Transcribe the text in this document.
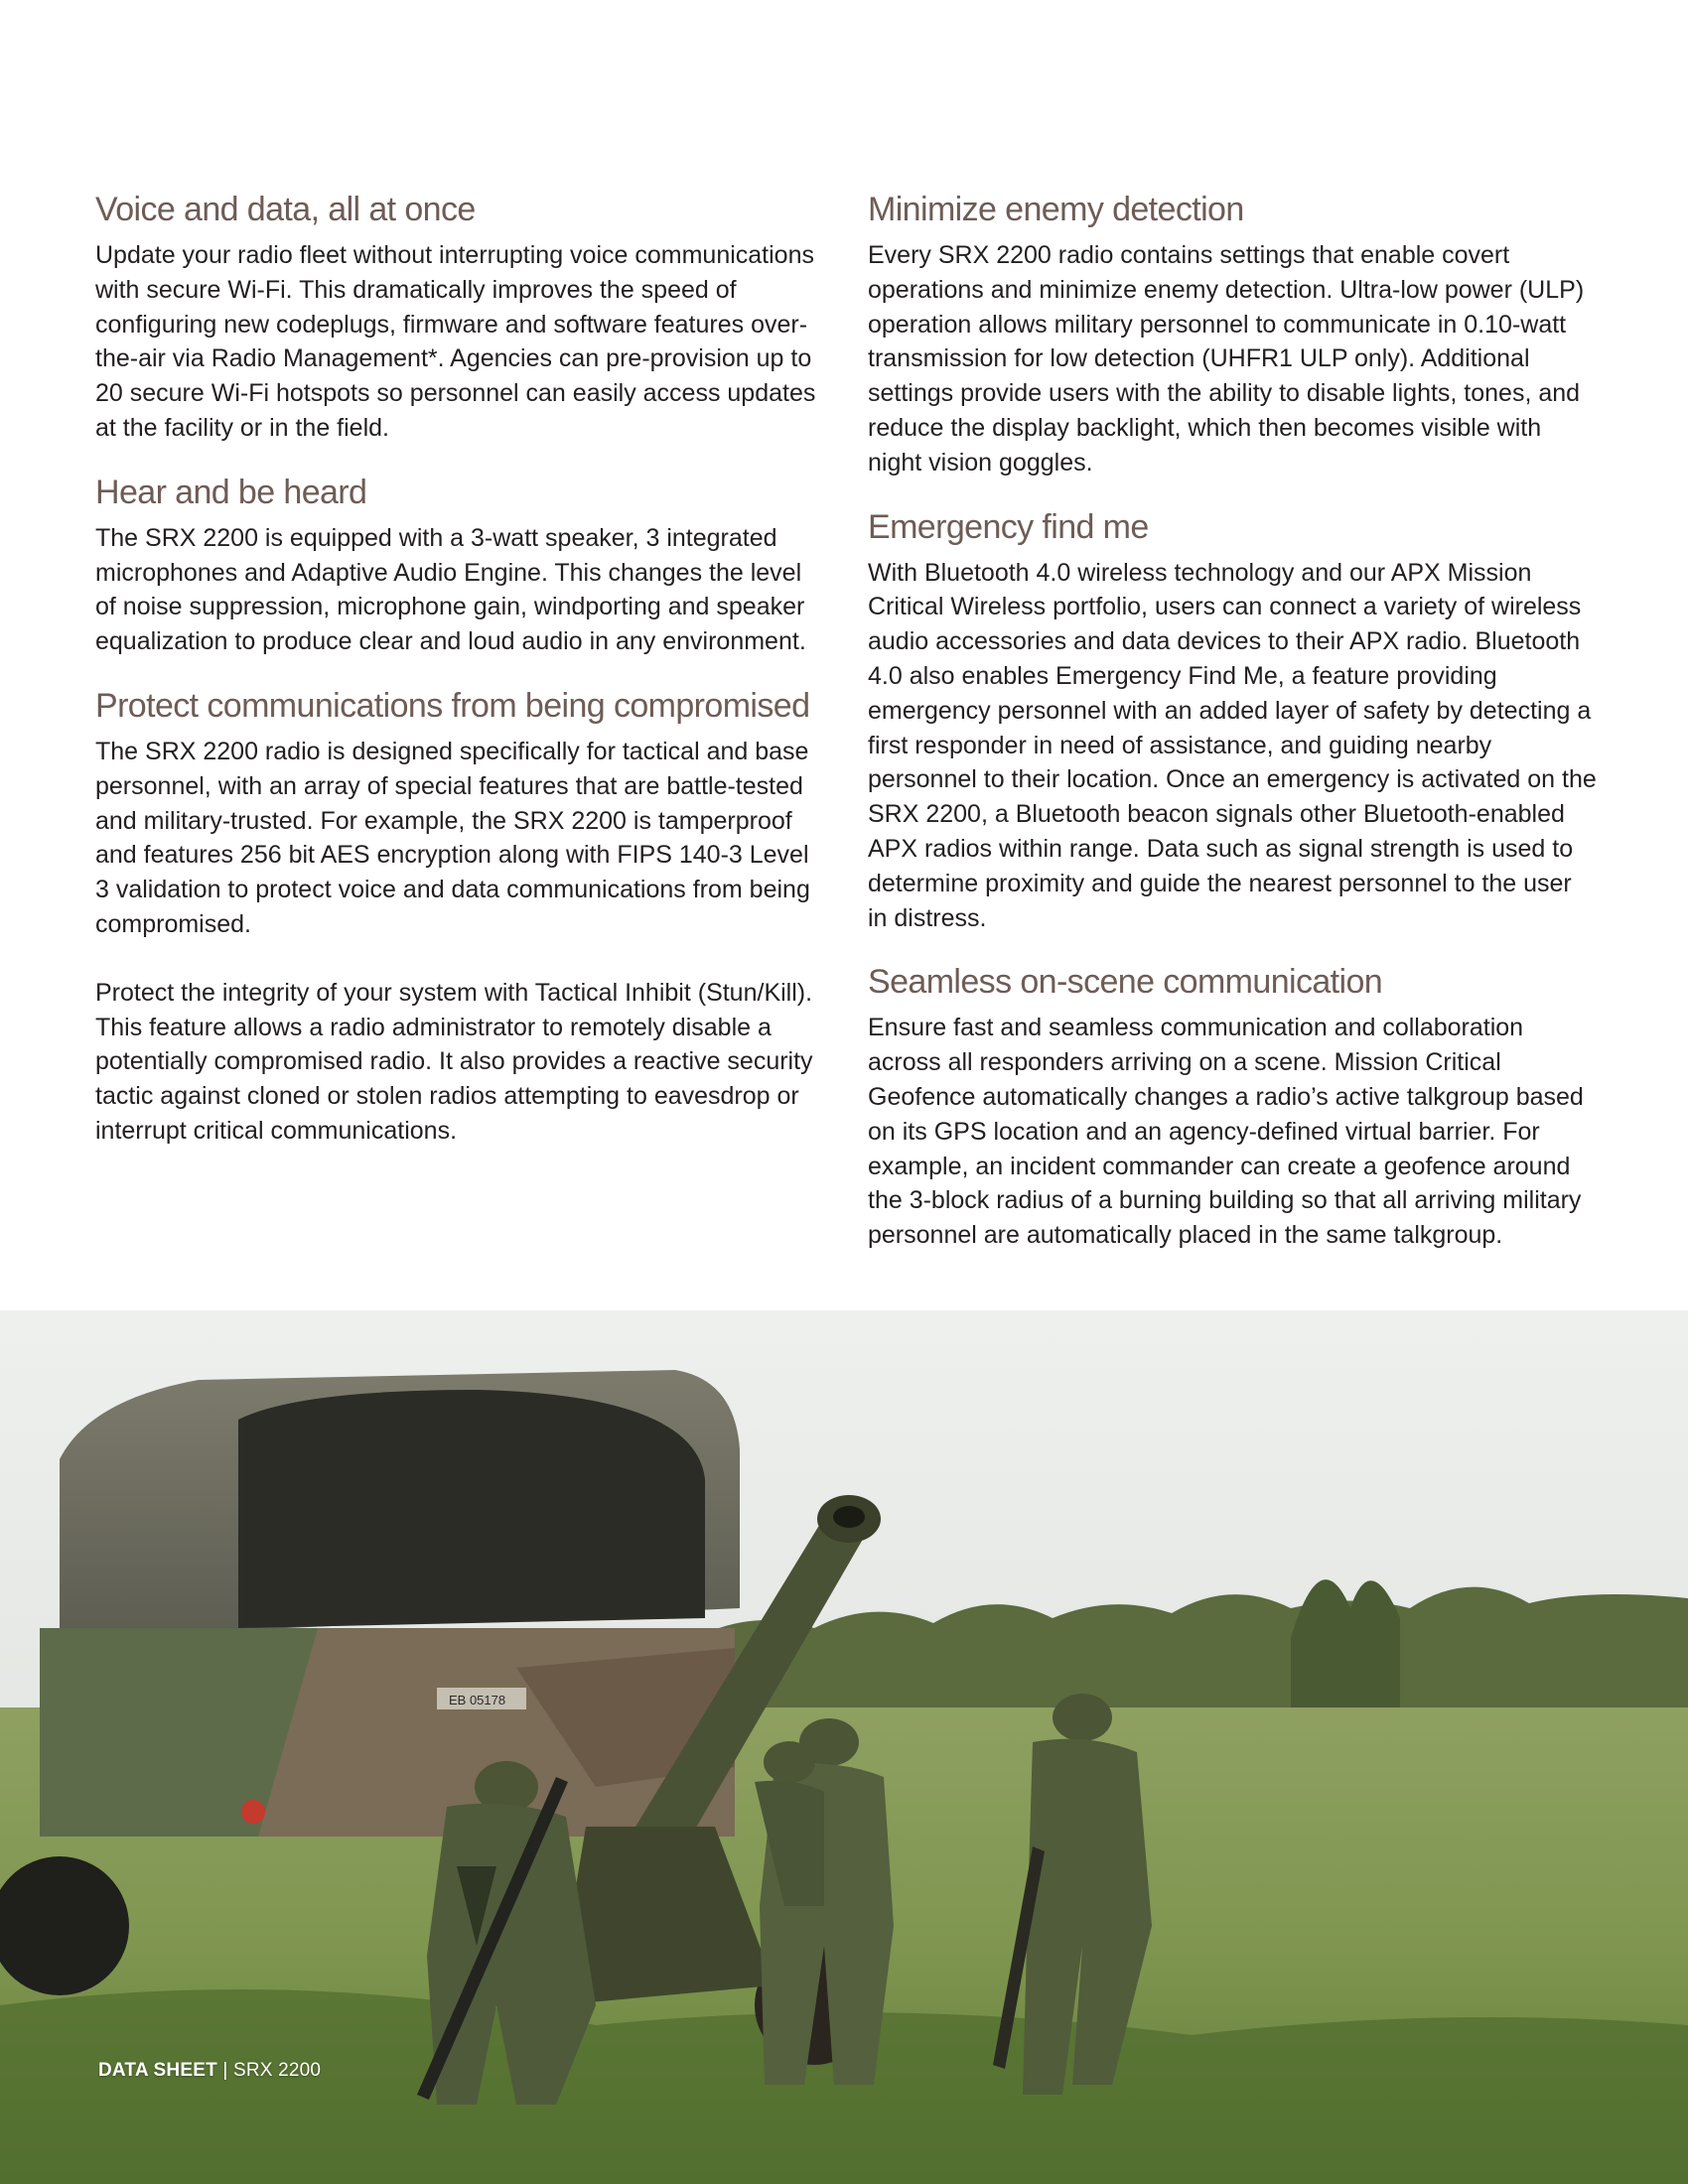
Voice and data, all at once

Update your radio fleet without interrupting voice communications with secure Wi-Fi. This dramatically improves the speed of configuring new codeplugs, firmware and software features over-the-air via Radio Management*. Agencies can pre-provision up to 20 secure Wi-Fi hotspots so personnel can easily access updates at the facility or in the field.

Hear and be heard

The SRX 2200 is equipped with a 3-watt speaker, 3 integrated microphones and Adaptive Audio Engine. This changes the level of noise suppression, microphone gain, windporting and speaker equalization to produce clear and loud audio in any environment.

Protect communications from being compromised

The SRX 2200 radio is designed specifically for tactical and base personnel, with an array of special features that are battle-tested and military-trusted. For example, the SRX 2200 is tamperproof and features 256 bit AES encryption along with FIPS 140-3 Level 3 validation to protect voice and data communications from being compromised.

Protect the integrity of your system with Tactical Inhibit (Stun/Kill). This feature allows a radio administrator to remotely disable a potentially compromised radio. It also provides a reactive security tactic against cloned or stolen radios attempting to eavesdrop or interrupt critical communications.

Minimize enemy detection

Every SRX 2200 radio contains settings that enable covert operations and minimize enemy detection. Ultra-low power (ULP) operation allows military personnel to communicate in 0.10-watt transmission for low detection (UHFR1 ULP only). Additional settings provide users with the ability to disable lights, tones, and reduce the display backlight, which then becomes visible with night vision goggles.

Emergency find me

With Bluetooth 4.0 wireless technology and our APX Mission Critical Wireless portfolio, users can connect a variety of wireless audio accessories and data devices to their APX radio. Bluetooth 4.0 also enables Emergency Find Me, a feature providing emergency personnel with an added layer of safety by detecting a first responder in need of assistance, and guiding nearby personnel to their location. Once an emergency is activated on the SRX 2200, a Bluetooth beacon signals other Bluetooth-enabled APX radios within range. Data such as signal strength is used to determine proximity and guide the nearest personnel to the user in distress.

Seamless on-scene communication

Ensure fast and seamless communication and collaboration across all responders arriving on a scene. Mission Critical Geofence automatically changes a radio’s active talkgroup based on its GPS location and an agency-defined virtual barrier. For example, an incident commander can create a geofence around the 3-block radius of a burning building so that all arriving military personnel are automatically placed in the same talkgroup.

EB 05178
DATA SHEET | SRX 2200
